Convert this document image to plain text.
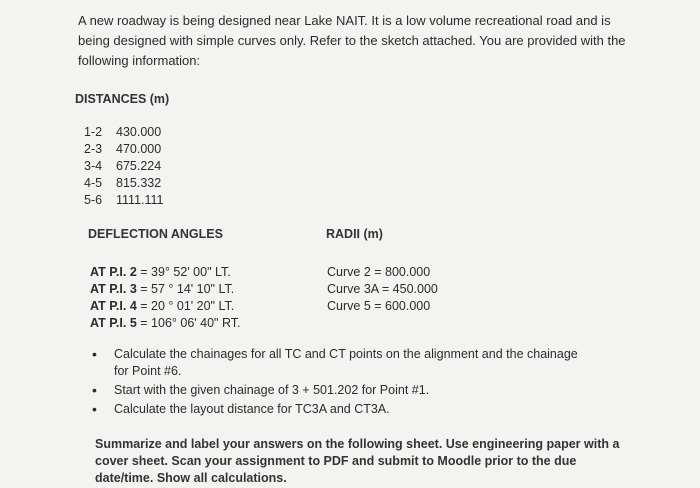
A new roadway is being designed near Lake NAIT. It is a low volume recreational road and is being designed with simple curves only. Refer to the sketch attached. You are provided with the following information:
DISTANCES (m)
1-2 430.000
2-3 470.000
3-4 675.224
4-5 815.332
5-6 1111.111
DEFLECTION ANGLES	RADII (m)
AT P.I. 2 = 39° 52' 00" LT.
AT P.I. 3 = 57 ° 14' 10" LT.
AT P.I. 4 = 20 ° 01' 20" LT.
AT P.I. 5 = 106° 06' 40" RT.
Curve 2 = 800.000
Curve 3A = 450.000
Curve 5 = 600.000
• Calculate the chainages for all TC and CT points on the alignment and the chainage for Point #6.
• Start with the given chainage of 3 + 501.202 for Point #1.
• Calculate the layout distance for TC3A and CT3A.
Summarize and label your answers on the following sheet. Use engineering paper with a cover sheet. Scan your assignment to PDF and submit to Moodle prior to the due date/time. Show all calculations.
